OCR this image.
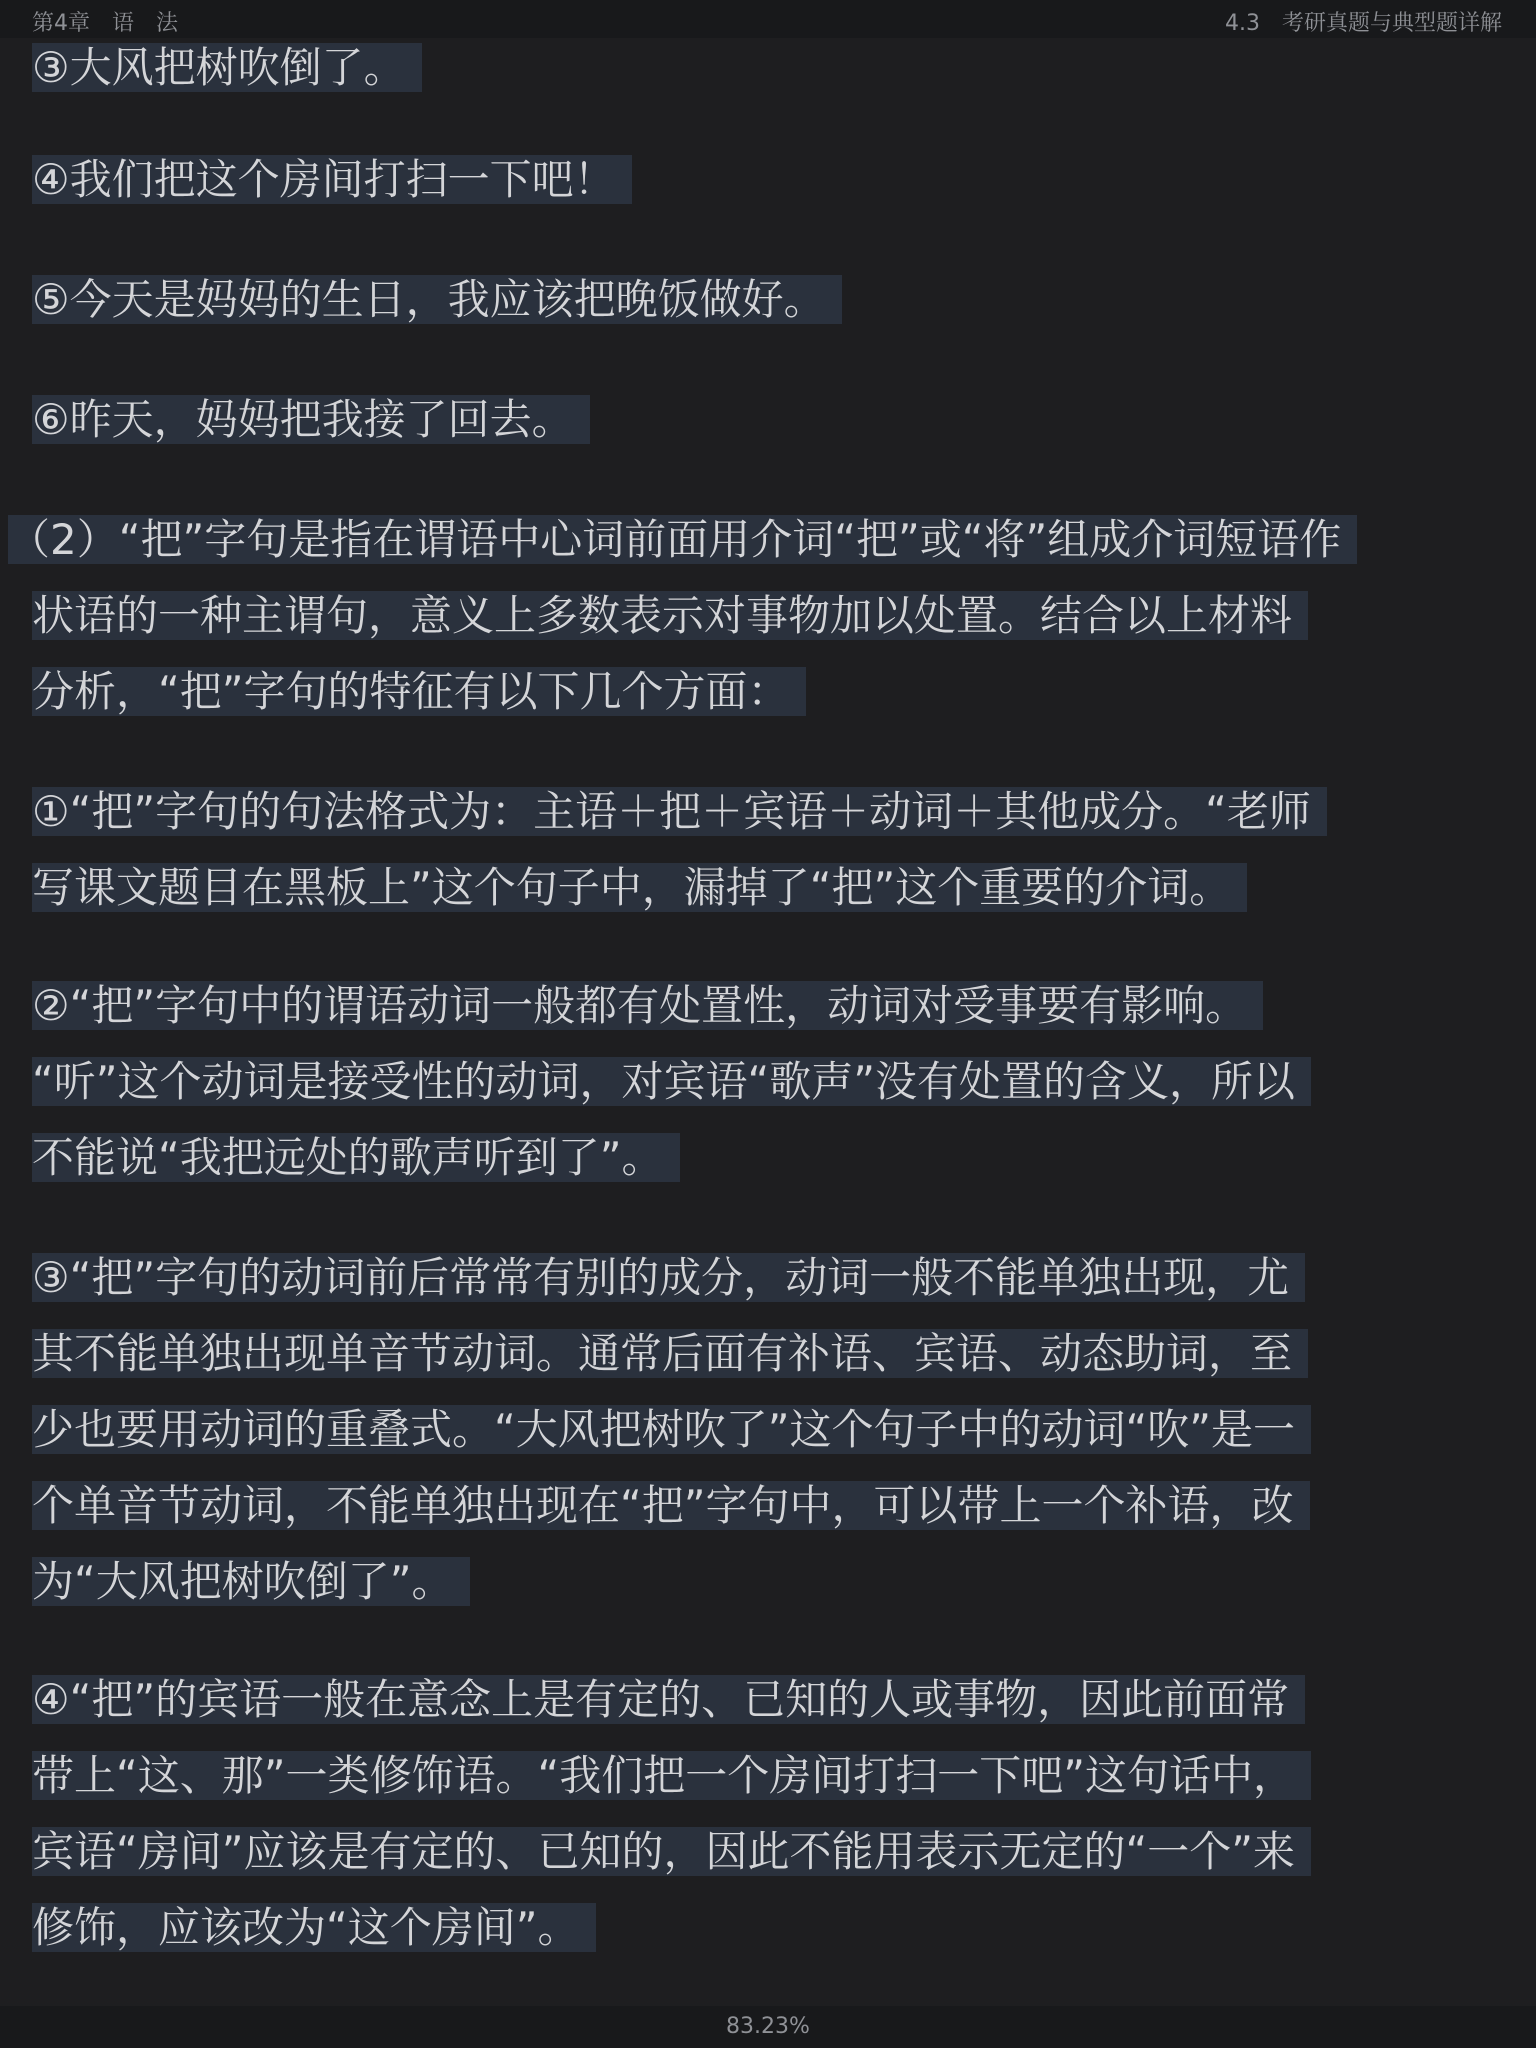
第4章　语　法	4.3　考研真题与典型题详解
③大风把树吹倒了。
④我们把这个房间打扫一下吧！
⑤今天是妈妈的生日，我应该把晚饭做好。
⑥昨天，妈妈把我接了回去。
（2）“把”字句是指在谓语中心词前面用介词“把”或“将”组成介词短语作
状语的一种主谓句，意义上多数表示对事物加以处置。结合以上材料
分析，“把”字句的特征有以下几个方面：
①“把”字句的句法格式为：主语＋把＋宾语＋动词＋其他成分。“老师
写课文题目在黑板上”这个句子中，漏掉了“把”这个重要的介词。
②“把”字句中的谓语动词一般都有处置性，动词对受事要有影响。
“听”这个动词是接受性的动词，对宾语“歌声”没有处置的含义，所以
不能说“我把远处的歌声听到了”。
③“把”字句的动词前后常常有别的成分，动词一般不能单独出现，尤
其不能单独出现单音节动词。通常后面有补语、宾语、动态助词，至
少也要用动词的重叠式。“大风把树吹了”这个句子中的动词“吹”是一
个单音节动词，不能单独出现在“把”字句中，可以带上一个补语，改
为“大风把树吹倒了”。
④“把”的宾语一般在意念上是有定的、已知的人或事物，因此前面常
带上“这、那”一类修饰语。“我们把一个房间打扫一下吧”这句话中，
宾语“房间”应该是有定的、已知的，因此不能用表示无定的“一个”来
修饰，应该改为“这个房间”。
83.23%
